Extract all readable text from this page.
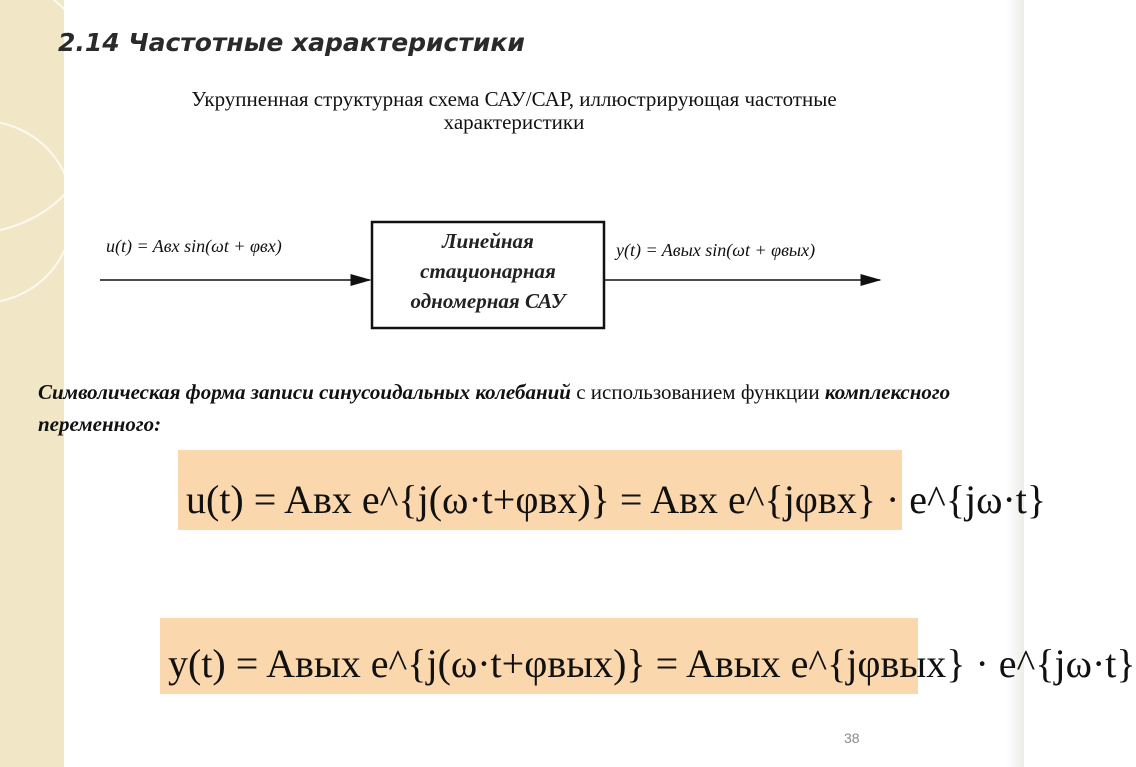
2.14 Частотные характеристики
Укрупненная структурная схема САУ/САР, иллюстрирующая частотные
характеристики
u(t) = Aвх sin(ωt + φвх)	y(t) = Aвых sin(ωt + φвых)
Линейная
стационарная
одномерная САУ
Символическая форма записи синусоидальных колебаний с использованием функции комплексного переменного:
u(t) = Aвх e^{j(ω·t+φвх)} = Aвх e^{jφвх} · e^{jω·t}
y(t) = Aвых e^{j(ω·t+φвых)} = Aвых e^{jφвых} · e^{jω·t}
38
